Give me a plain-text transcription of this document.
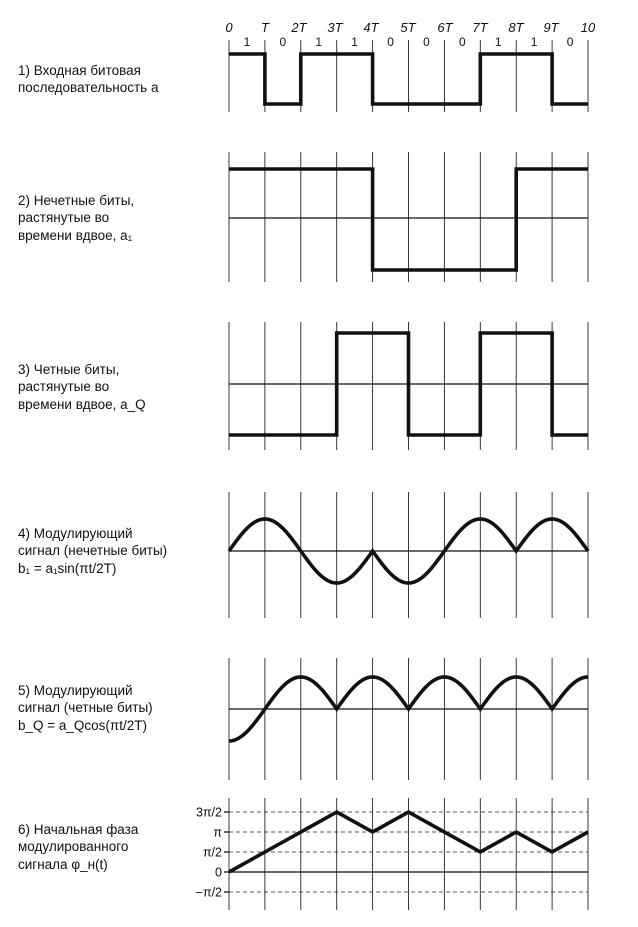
1) Входная битовая
последовательность a
2) Нечетные биты,
растянутые во
времени вдвое, a₁
3) Четные биты,
растянутые во
времени вдвое, a_Q
4) Модулирующий
сигнал (нечетные биты)
b₁ = a₁sin(πt/2T)
5) Модулирующий
сигнал (четные биты)
b_Q = a_Qcos(πt/2T)
6) Начальная фаза
модулированного
сигнала φ_н(t)
3π/2
π
π/2
0
−π/2
0 T 2T 3T 4T 5T 6T 7T 8T 9T 10
1 0 1 1 0 0 0 1 1 0
